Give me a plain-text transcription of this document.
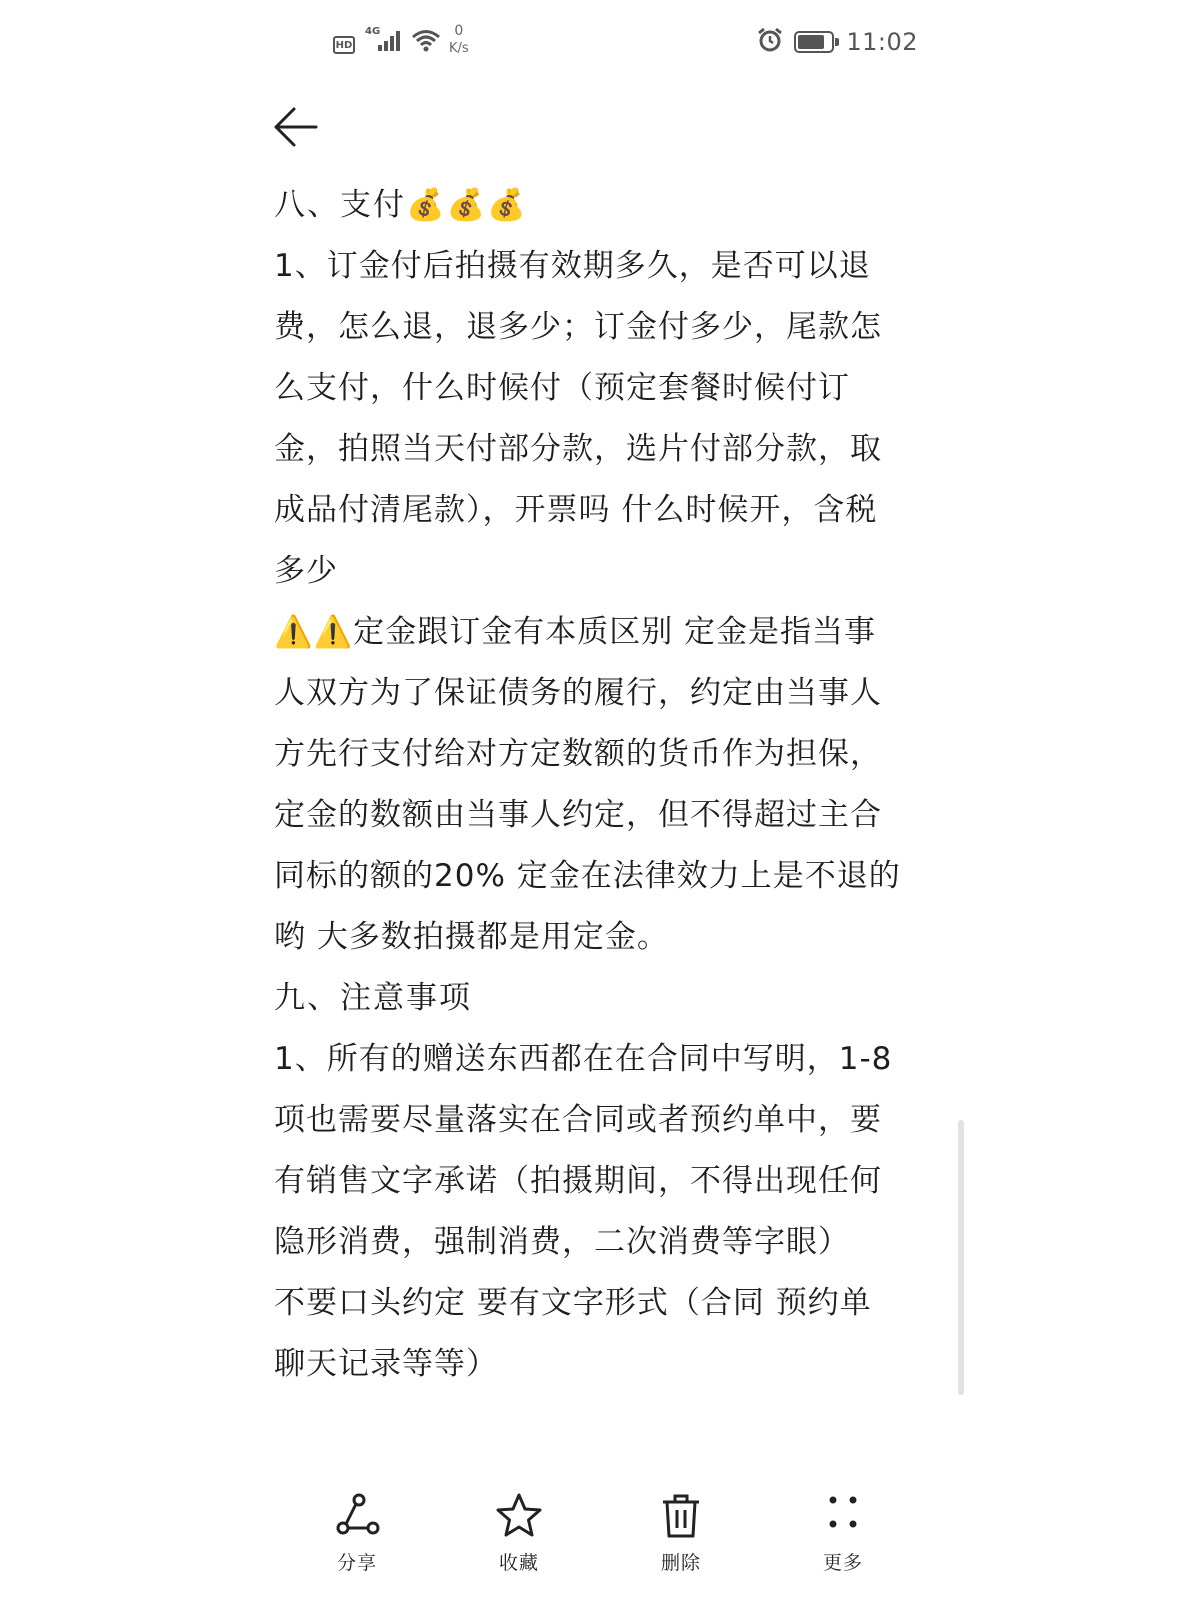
HD
4G	0
K/s	11:02
八、支付💰💰💰
1、订金付后拍摄有效期多久，是否可以退
费，怎么退，退多少；订金付多少，尾款怎
么支付，什么时候付（预定套餐时候付订
金，拍照当天付部分款，选片付部分款，取
成品付清尾款），开票吗 什么时候开，含税
多少
⚠️⚠️定金跟订金有本质区别 定金是指当事
人双方为了保证债务的履行，约定由当事人
方先行支付给对方定数额的货币作为担保，
定金的数额由当事人约定，但不得超过主合
同标的额的20% 定金在法律效力上是不退的
哟 大多数拍摄都是用定金。
九、注意事项
1、所有的赠送东西都在在合同中写明，1-8
项也需要尽量落实在合同或者预约单中，要
有销售文字承诺（拍摄期间，不得出现任何
隐形消费，强制消费，二次消费等字眼）
不要口头约定 要有文字形式（合同 预约单
聊天记录等等）
分享	收藏	删除	更多
